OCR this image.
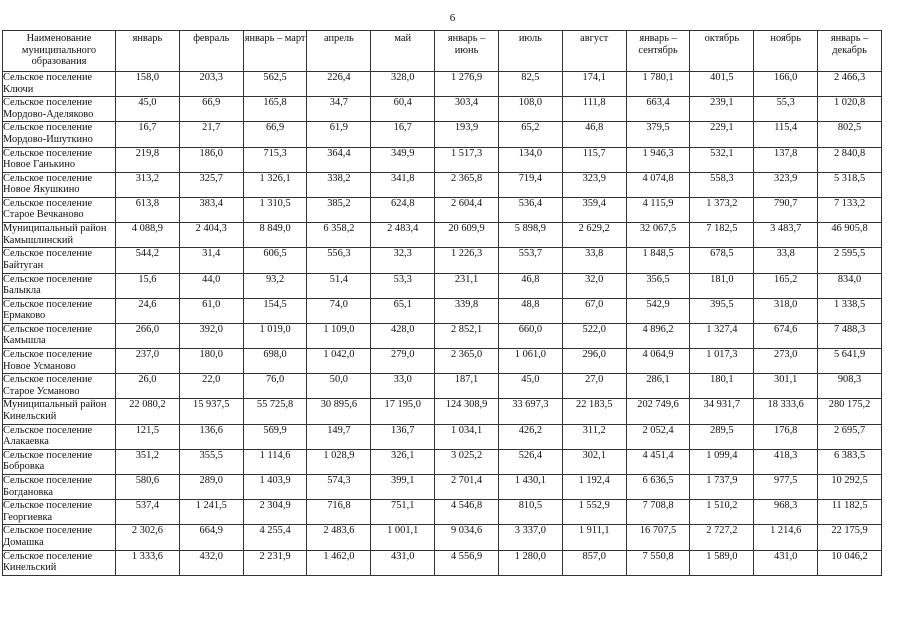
6
Наименование муниципального образования	январь	февраль	январь – март	апрель	май	январь – июнь	июль	август	январь – сентябрь	октябрь	ноябрь	январь – декабрь
Сельское поселение Ключи	158,0	203,3	562,5	226,4	328,0	1 276,9	82,5	174,1	1 780,1	401,5	166,0	2 466,3
Сельское поселение Мордово-Аделяково	45,0	66,9	165,8	34,7	60,4	303,4	108,0	111,8	663,4	239,1	55,3	1 020,8
Сельское поселение Мордово-Ишуткино	16,7	21,7	66,9	61,9	16,7	193,9	65,2	46,8	379,5	229,1	115,4	802,5
Сельское поселение Новое Ганькино	219,8	186,0	715,3	364,4	349,9	1 517,3	134,0	115,7	1 946,3	532,1	137,8	2 840,8
Сельское поселение Новое Якушкино	313,2	325,7	1 326,1	338,2	341,8	2 365,8	719,4	323,9	4 074,8	558,3	323,9	5 318,5
Сельское поселение Старое Вечканово	613,8	383,4	1 310,5	385,2	624,8	2 604,4	536,4	359,4	4 115,9	1 373,2	790,7	7 133,2
Муниципальный район Камышлинский	4 088,9	2 404,3	8 849,0	6 358,2	2 483,4	20 609,9	5 898,9	2 629,2	32 067,5	7 182,5	3 483,7	46 905,8
Сельское поселение Байтуган	544,2	31,4	606,5	556,3	32,3	1 226,3	553,7	33,8	1 848,5	678,5	33,8	2 595,5
Сельское поселение Балыкла	15,6	44,0	93,2	51,4	53,3	231,1	46,8	32,0	356,5	181,0	165,2	834,0
Сельское поселение Ермаково	24,6	61,0	154,5	74,0	65,1	339,8	48,8	67,0	542,9	395,5	318,0	1 338,5
Сельское поселение Камышла	266,0	392,0	1 019,0	1 109,0	428,0	2 852,1	660,0	522,0	4 896,2	1 327,4	674,6	7 488,3
Сельское поселение Новое Усманово	237,0	180,0	698,0	1 042,0	279,0	2 365,0	1 061,0	296,0	4 064,9	1 017,3	273,0	5 641,9
Сельское поселение Старое Усманово	26,0	22,0	76,0	50,0	33,0	187,1	45,0	27,0	286,1	180,1	301,1	908,3
Муниципальный район Кинельский	22 080,2	15 937,5	55 725,8	30 895,6	17 195,0	124 308,9	33 697,3	22 183,5	202 749,6	34 931,7	18 333,6	280 175,2
Сельское поселение Алакаевка	121,5	136,6	569,9	149,7	136,7	1 034,1	426,2	311,2	2 052,4	289,5	176,8	2 695,7
Сельское поселение Бобровка	351,2	355,5	1 114,6	1 028,9	326,1	3 025,2	526,4	302,1	4 451,4	1 099,4	418,3	6 383,5
Сельское поселение Богдановка	580,6	289,0	1 403,9	574,3	399,1	2 701,4	1 430,1	1 192,4	6 636,5	1 737,9	977,5	10 292,5
Сельское поселение Георгиевка	537,4	1 241,5	2 304,9	716,8	751,1	4 546,8	810,5	1 552,9	7 708,8	1 510,2	968,3	11 182,5
Сельское поселение Домашка	2 302,6	664,9	4 255,4	2 483,6	1 001,1	9 034,6	3 337,0	1 911,1	16 707,5	2 727,2	1 214,6	22 175,9
Сельское поселение Кинельский	1 333,6	432,0	2 231,9	1 462,0	431,0	4 556,9	1 280,0	857,0	7 550,8	1 589,0	431,0	10 046,2
